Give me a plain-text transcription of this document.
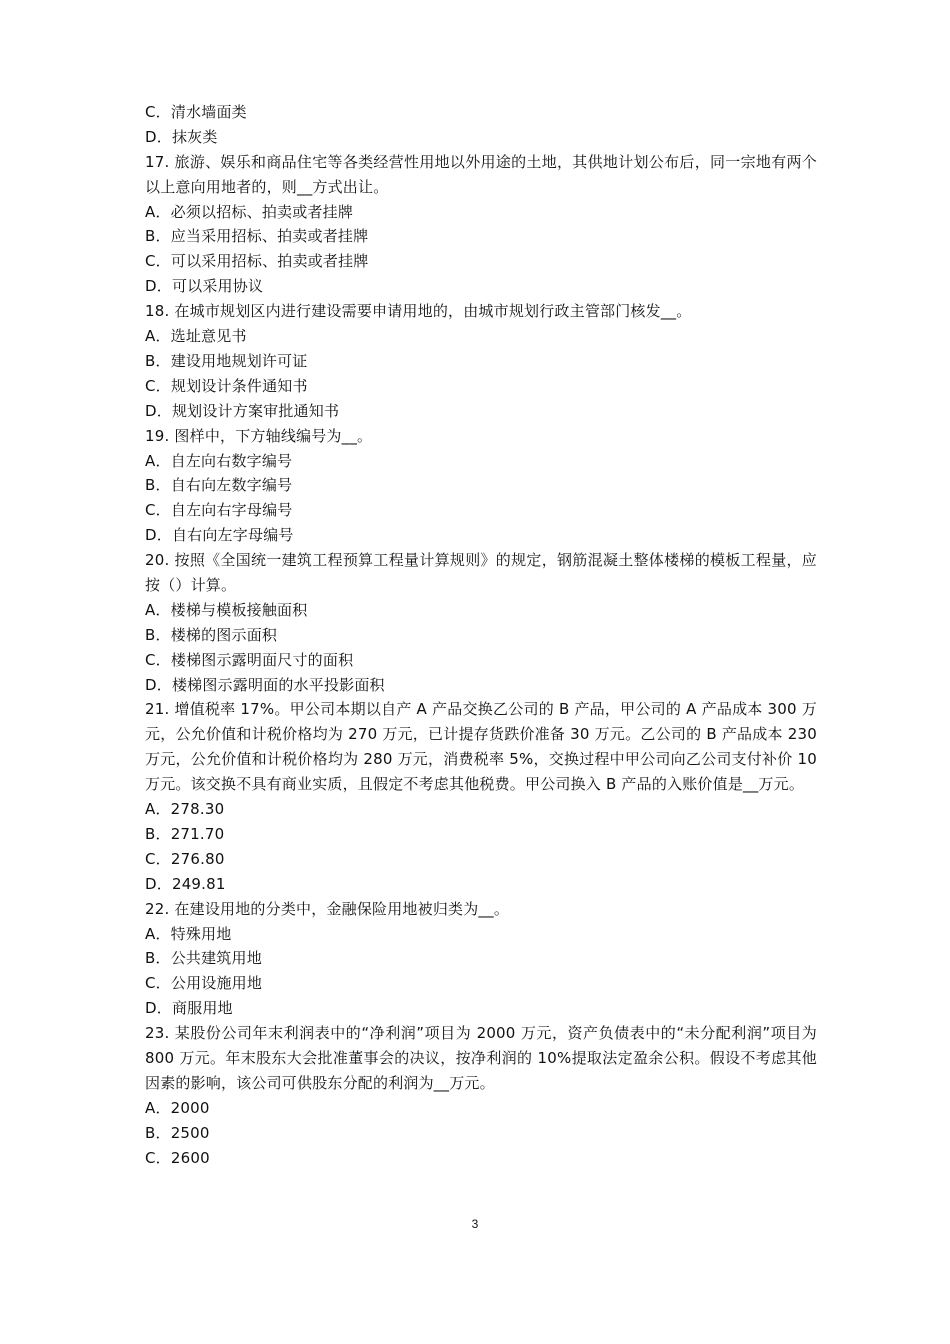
C．清水墙面类
D．抹灰类
17. 旅游、娱乐和商品住宅等各类经营性用地以外用途的土地，其供地计划公布后，同一宗地有两个以上意向用地者的，则__方式出让。
A．必须以招标、拍卖或者挂牌
B．应当采用招标、拍卖或者挂牌
C．可以采用招标、拍卖或者挂牌
D．可以采用协议
18. 在城市规划区内进行建设需要申请用地的，由城市规划行政主管部门核发__。
A．选址意见书
B．建设用地规划许可证
C．规划设计条件通知书
D．规划设计方案审批通知书
19. 图样中，下方轴线编号为__。
A．自左向右数字编号
B．自右向左数字编号
C．自左向右字母编号
D．自右向左字母编号
20. 按照《全国统一建筑工程预算工程量计算规则》的规定，钢筋混凝土整体楼梯的模板工程量，应按（）计算。
A．楼梯与模板接触面积
B．楼梯的图示面积
C．楼梯图示露明面尺寸的面积
D．楼梯图示露明面的水平投影面积
21. 增值税率 17%。甲公司本期以自产 A 产品交换乙公司的 B 产品，甲公司的 A 产品成本 300 万元，公允价值和计税价格均为 270 万元，已计提存货跌价准备 30 万元。乙公司的 B 产品成本 230 万元，公允价值和计税价格均为 280 万元，消费税率 5%，交换过程中甲公司向乙公司支付补价 10 万元。该交换不具有商业实质，且假定不考虑其他税费。甲公司换入 B 产品的入账价值是__万元。
A．278.30
B．271.70
C．276.80
D．249.81
22. 在建设用地的分类中，金融保险用地被归类为__。
A．特殊用地
B．公共建筑用地
C．公用设施用地
D．商服用地
23. 某股份公司年末利润表中的“净利润”项目为 2000 万元，资产负债表中的“未分配利润”项目为 800 万元。年末股东大会批准董事会的决议，按净利润的 10%提取法定盈余公积。假设不考虑其他因素的影响，该公司可供股东分配的利润为__万元。
A．2000
B．2500
C．2600
3
